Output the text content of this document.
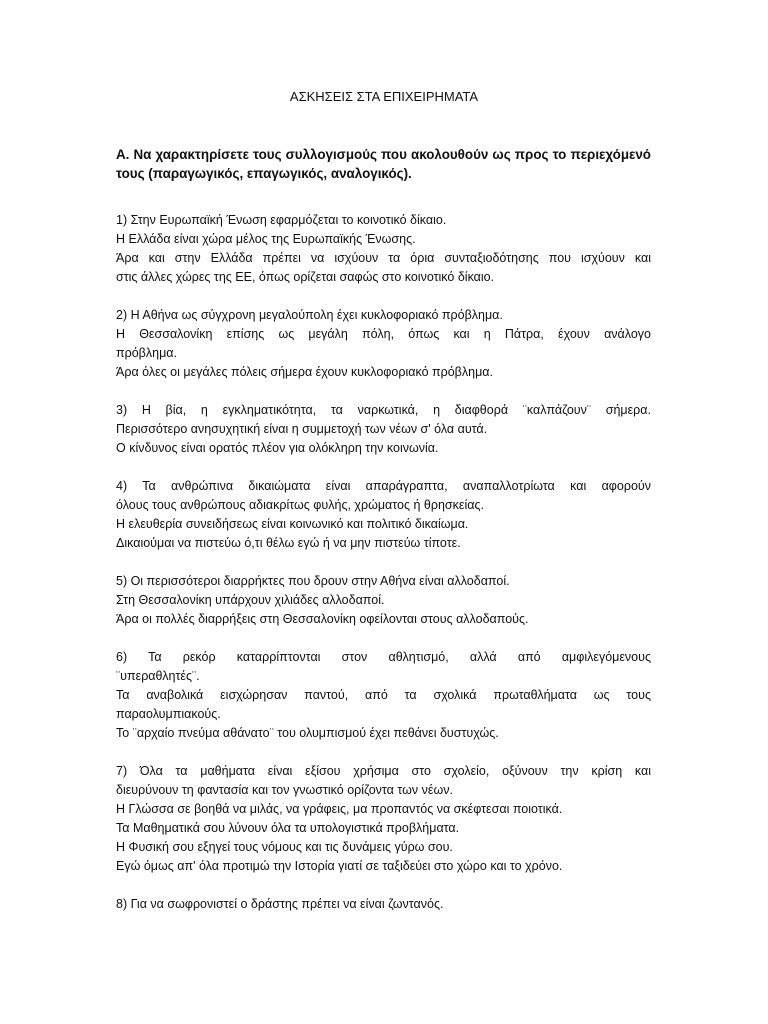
ΑΣΚΗΣΕΙΣ ΣΤΑ ΕΠΙΧΕΙΡΗΜΑΤΑ
Α. Να χαρακτηρίσετε τους συλλογισμούς που ακολουθούν ως προς το περιεχόμενό τους (παραγωγικός, επαγωγικός, αναλογικός).
1) Στην Ευρωπαϊκή Ένωση εφαρμόζεται το κοινοτικό δίκαιο.
Η Ελλάδα είναι χώρα μέλος της Ευρωπαϊκής Ένωσης.
Άρα και στην Ελλάδα πρέπει να ισχύουν τα όρια συνταξιοδότησης που ισχύουν και
στις άλλες χώρες της ΕΕ, όπως ορίζεται σαφώς στο κοινοτικό δίκαιο.
2) Η Αθήνα ως σύγχρονη μεγαλούπολη έχει κυκλοφοριακό πρόβλημα.
Η Θεσσαλονίκη επίσης ως μεγάλη πόλη, όπως και η Πάτρα, έχουν ανάλογο
πρόβλημα.
Άρα όλες οι μεγάλες πόλεις σήμερα έχουν κυκλοφοριακό πρόβλημα.
3) Η βία, η εγκληματικότητα, τα ναρκωτικά, η διαφθορά ¨καλπάζουν¨ σήμερα.
Περισσότερο ανησυχητική είναι η συμμετοχή των νέων σ' όλα αυτά.
Ο κίνδυνος είναι ορατός πλέον για ολόκληρη την κοινωνία.
4) Τα ανθρώπινα δικαιώματα είναι απαράγραπτα, αναπαλλοτρίωτα και αφορούν
όλους τους ανθρώπους αδιακρίτως φυλής, χρώματος ή θρησκείας.
Η ελευθερία συνειδήσεως είναι κοινωνικό και πολιτικό δικαίωμα.
Δικαιούμαι να πιστεύω ό,τι θέλω εγώ ή να μην πιστεύω τίποτε.
5) Οι περισσότεροι διαρρήκτες που δρουν στην Αθήνα είναι αλλοδαποί.
Στη Θεσσαλονίκη υπάρχουν χιλιάδες αλλοδαποί.
Άρα οι πολλές διαρρήξεις στη Θεσσαλονίκη οφείλονται στους αλλοδαπούς.
6) Τα ρεκόρ καταρρίπτονται στον αθλητισμό, αλλά από αμφιλεγόμενους
¨υπεραθλητές¨.
Τα αναβολικά εισχώρησαν παντού, από τα σχολικά πρωταθλήματα ως τους
παραολυμπιακούς.
Το ¨αρχαίο πνεύμα αθάνατο¨ του ολυμπισμού έχει πεθάνει δυστυχώς.
7) Όλα τα μαθήματα είναι εξίσου χρήσιμα στο σχολείο, οξύνουν την κρίση και
διευρύνουν τη φαντασία και τον γνωστικό ορίζοντα των νέων.
Η Γλώσσα σε βοηθά να μιλάς, να γράφεις, μα προπαντός να σκέφτεσαι ποιοτικά.
Τα Μαθηματικά σου λύνουν όλα τα υπολογιστικά προβλήματα.
Η Φυσική σου εξηγεί τους νόμους και τις δυνάμεις γύρω σου.
Εγώ όμως απ' όλα προτιμώ την Ιστορία γιατί σε ταξιδεύει στο χώρο και το χρόνο.
8) Για να σωφρονιστεί ο δράστης πρέπει να είναι ζωντανός.
